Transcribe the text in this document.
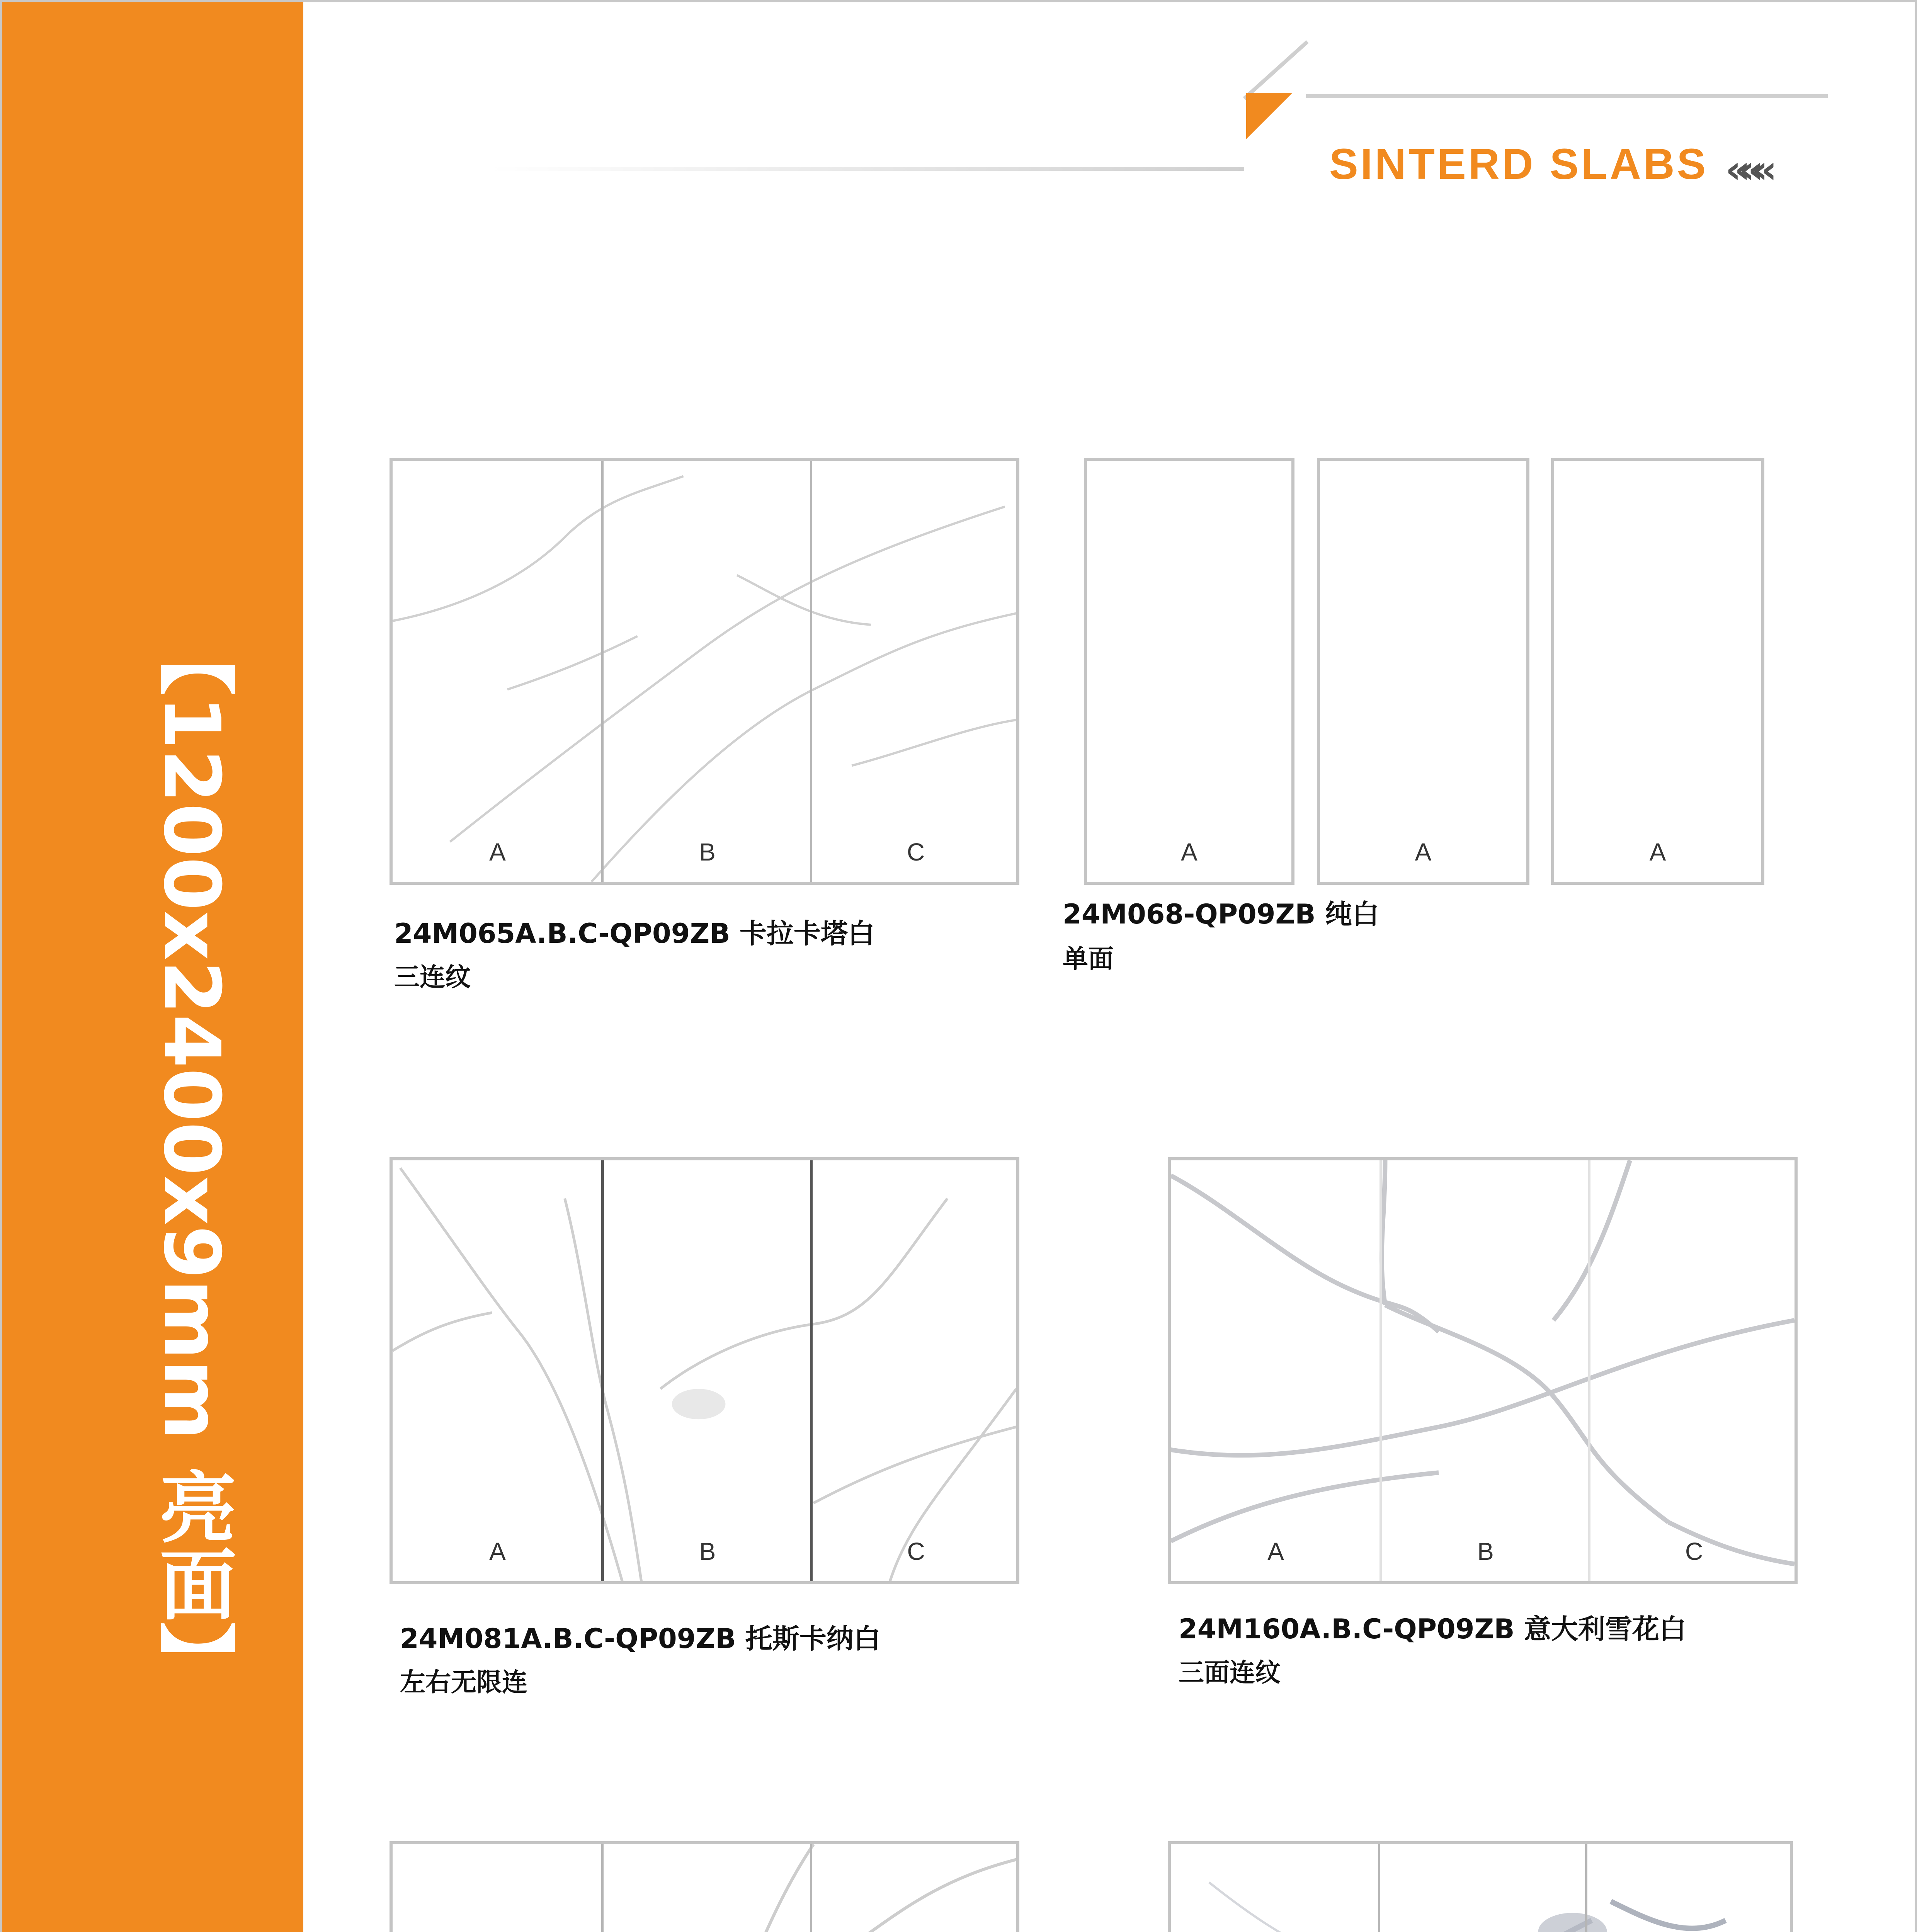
【1200x2400x9mm 亮面】
SINTERD SLABS «««
A	B	C
24M065A.B.C-QP09ZB 卡拉卡塔白
三连纹
A	A	A
24M068-QP09ZB 纯白
单面
A	B	C
24M081A.B.C-QP09ZB 托斯卡纳白
左右无限连
A	B	C
24M160A.B.C-QP09ZB 意大利雪花白
三面连纹
